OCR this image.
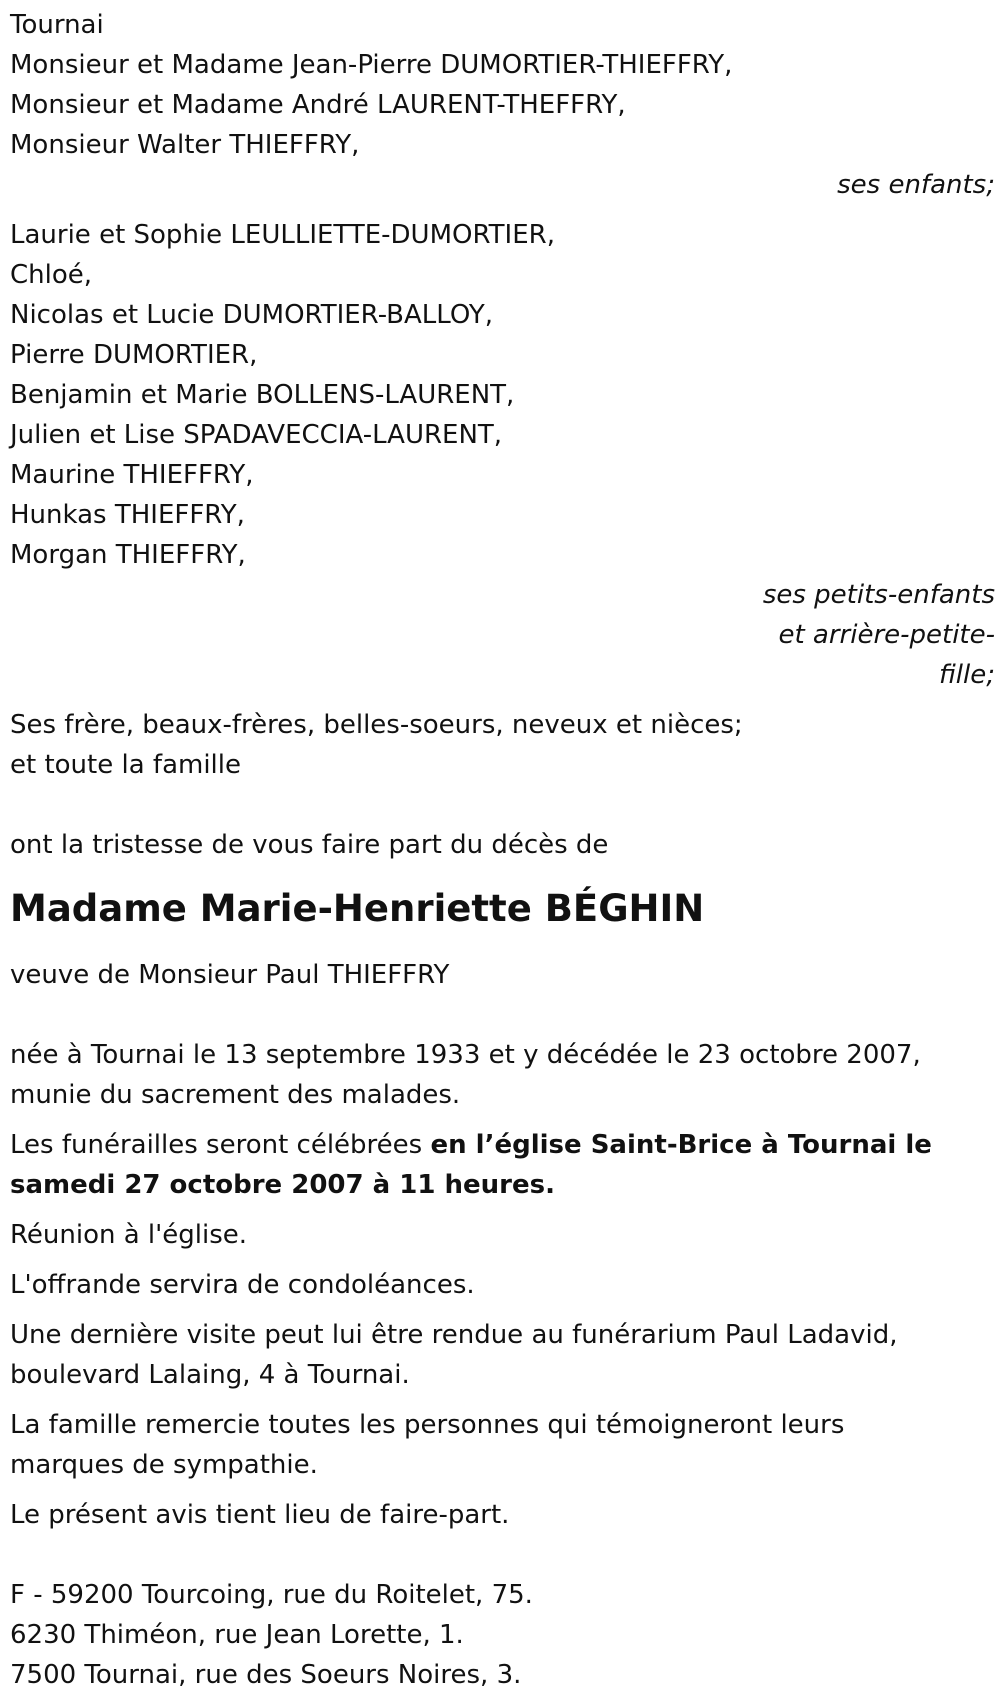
Tournai
Monsieur et Madame Jean-Pierre DUMORTIER-THIEFFRY,
Monsieur et Madame André LAURENT-THEFFRY,
Monsieur Walter THIEFFRY,
ses enfants;
Laurie et Sophie LEULLIETTE-DUMORTIER,
Chloé,
Nicolas et Lucie DUMORTIER-BALLOY,
Pierre DUMORTIER,
Benjamin et Marie BOLLENS-LAURENT,
Julien et Lise SPADAVECCIA-LAURENT,
Maurine THIEFFRY,
Hunkas THIEFFRY,
Morgan THIEFFRY,
ses petits-enfants
et arrière-petite-
fille;
Ses frère, beaux-frères, belles-soeurs, neveux et nièces;
et toute la famille
ont la tristesse de vous faire part du décès de
Madame Marie-Henriette BÉGHIN
veuve de Monsieur Paul THIEFFRY
née à Tournai le 13 septembre 1933 et y décédée le 23 octobre 2007,
munie du sacrement des malades.
Les funérailles seront célébrées en l’église Saint-Brice à Tournai le
samedi 27 octobre 2007 à 11 heures.
Réunion à l'église.
L'offrande servira de condoléances.
Une dernière visite peut lui être rendue au funérarium Paul Ladavid,
boulevard Lalaing, 4 à Tournai.
La famille remercie toutes les personnes qui témoigneront leurs
marques de sympathie.
Le présent avis tient lieu de faire-part.
F - 59200 Tourcoing, rue du Roitelet, 75.
6230 Thiméon, rue Jean Lorette, 1.
7500 Tournai, rue des Soeurs Noires, 3.
